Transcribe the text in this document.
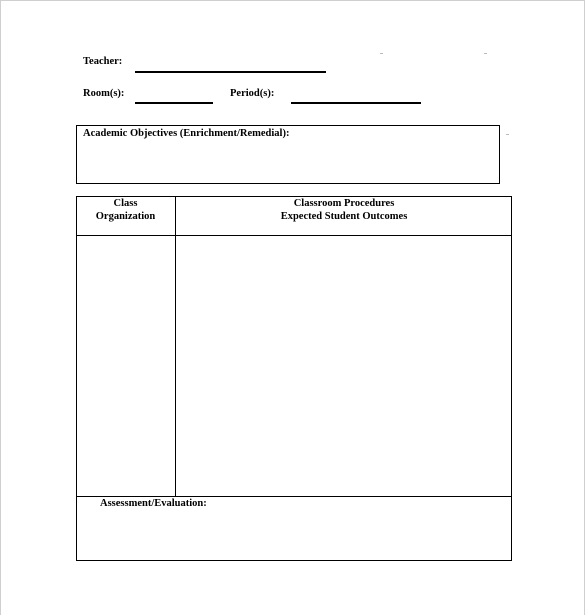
Teacher:
Room(s):	Period(s):
Academic Objectives (Enrichment/Remedial):
Class
Organization
Classroom Procedures
Expected Student Outcomes
Assessment/Evaluation:
